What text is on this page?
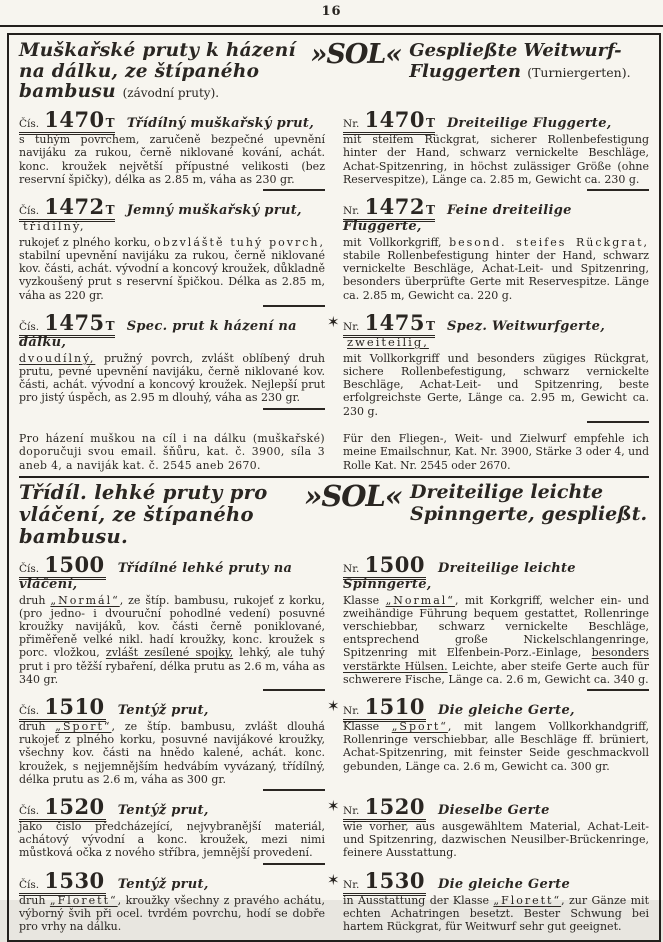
16
Muškařské pruty k házení na dálku, ze štípaného bambusu (závodní pruty).
»SOL« Gespließte Weitwurf-Fluggerten (Turniergerten).
Čís. 1470T Třídílný muškařský prut,

s tuhým povrchem, zaručeně bezpečné upevnění navijáku za rukou, černě niklované kování, achát. konc. kroužek největší přípustné velikosti (bez reservní špičky), délka as 2.85 m, váha as 230 gr.

Nr. 1470T Dreiteilige Fluggerte,

mit steifem Rückgrat, sicherer Rollenbefestigung hinter der Hand, schwarz vernickelte Beschläge, Achat-Spitzenring, in höchst zulässiger Größe (ohne Reservespitze), Länge ca. 2.85 m, Gewicht ca. 230 g.

Čís. 1472T Jemný muškařský prut, třídílný,

rukojeť z plného korku, obzvláště tuhý povrch, stabilní upevnění navijáku za rukou, černě niklované kov. části, achát. vývodní a koncový kroužek, důkladně vyzkoušený prut s reservní špičkou. Délka as 2.85 m, váha as 220 gr.

Nr. 1472T Feine dreiteilige Fluggerte,

mit Vollkorkgriff, besond. steifes Rückgrat, stabile Rollenbefestigung hinter der Hand, schwarz vernickelte Beschläge, Achat-Leit- und Spitzenring, besonders überprüfte Gerte mit Reservespitze. Länge ca. 2.85 m, Gewicht ca. 220 g.

Čís. 1475T Spec. prut k házení na dálku,

dvoudílný, pružný povrch, zvlášt oblíbený druh prutu, pevné upevnění navijáku, černě niklované kov. části, achát. vývodní a koncový kroužek. Nejlepší prut pro jistý úspěch, as 2.95 m dlouhý, váha as 230 gr.

✶ Nr. 1475T Spez. Weitwurfgerte, zweiteilig,

mit Vollkorkgriff und besonders zügiges Rückgrat, sichere Rollenbefestigung, schwarz vernickelte Beschläge, Achat-Leit- und Spitzenring, beste erfolgreichste Gerte, Länge ca. 2.95 m, Gewicht ca. 230 g.

Pro házení muškou na cíl i na dálku (muškařské) doporučuji svou email. šňůru, kat. č. 3900, síla 3 aneb 4, a naviják kat. č. 2545 aneb 2670.
Für den Fliegen-, Weit- und Zielwurf empfehle ich meine Emailschnur, Kat. Nr. 3900, Stärke 3 oder 4, und Rolle Kat. Nr. 2545 oder 2670.
Třídíl. lehké pruty pro vláčení, ze štípaného bambusu.
»SOL« Dreiteilige leichte Spinngerte, gespließt.
Čís. 1500 Třídílné lehké pruty na vláčení,

druh „Normál“, ze štíp. bambusu, rukojeť z korku, (pro jedno- i dvouruční pohodlné vedení) posuvné kroužky navijáků, kov. části černě poniklované, přiměřeně velké nikl. hadí kroužky, konc. kroužek s porc. vložkou, zvlášt zesílené spojky, lehký, ale tuhý prut i pro těžší rybaření, délka prutu as 2.6 m, váha as 340 gr.

Nr. 1500 Dreiteilige leichte Spinngerte,

Klasse „Normal“, mit Korkgriff, welcher ein- und zweihändige Führung bequem gestattet, Rollenringe verschiebbar, schwarz vernickelte Beschläge, entsprechend große Nickelschlangenringe, Spitzenring mit Elfenbein-Porz.-Einlage, besonders verstärkte Hülsen. Leichte, aber steife Gerte auch für schwerere Fische, Länge ca. 2.6 m, Gewicht ca. 340 g.

Čís. 1510 Tentýž prut,

druh „Sport“, ze štíp. bambusu, zvlášt dlouhá rukojeť z plného korku, posuvné navijákové kroužky, všechny kov. části na hnědo kalené, achát. konc. kroužek, s nejjemnějším hedvábím vyvázaný, třídílný, délka prutu as 2.6 m, váha as 300 gr.

✶ Nr. 1510 Die gleiche Gerte,

Klasse „Sport“, mit langem Vollkorkhandgriff, Rollenringe verschiebbar, alle Beschläge ff. brüniert, Achat-Spitzenring, mit feinster Seide geschmackvoll gebunden, Länge ca. 2.6 m, Gewicht ca. 300 gr.

Čís. 1520 Tentýž prut,

jako číslo předcházející, nejvybranější materiál, achátový vývodní a konc. kroužek, mezi nimi můstková očka z nového stříbra, jemnější provedení.

✶ Nr. 1520 Dieselbe Gerte

wie vorher, aus ausgewähltem Material, Achat-Leit- und Spitzenring, dazwischen Neusilber-Brückenringe, feinere Ausstattung.

Čís. 1530 Tentýž prut,

druh „Florett“, kroužky všechny z pravého achátu, výborný švih při ocel. tvrdém povrchu, hodí se dobře pro vrhy na dálku.

✶ Nr. 1530 Die gleiche Gerte

in Ausstattung der Klasse „Florett“, zur Gänze mit echten Achatringen besetzt. Bester Schwung bei hartem Rückgrat, für Weitwurf sehr gut geeignet.
